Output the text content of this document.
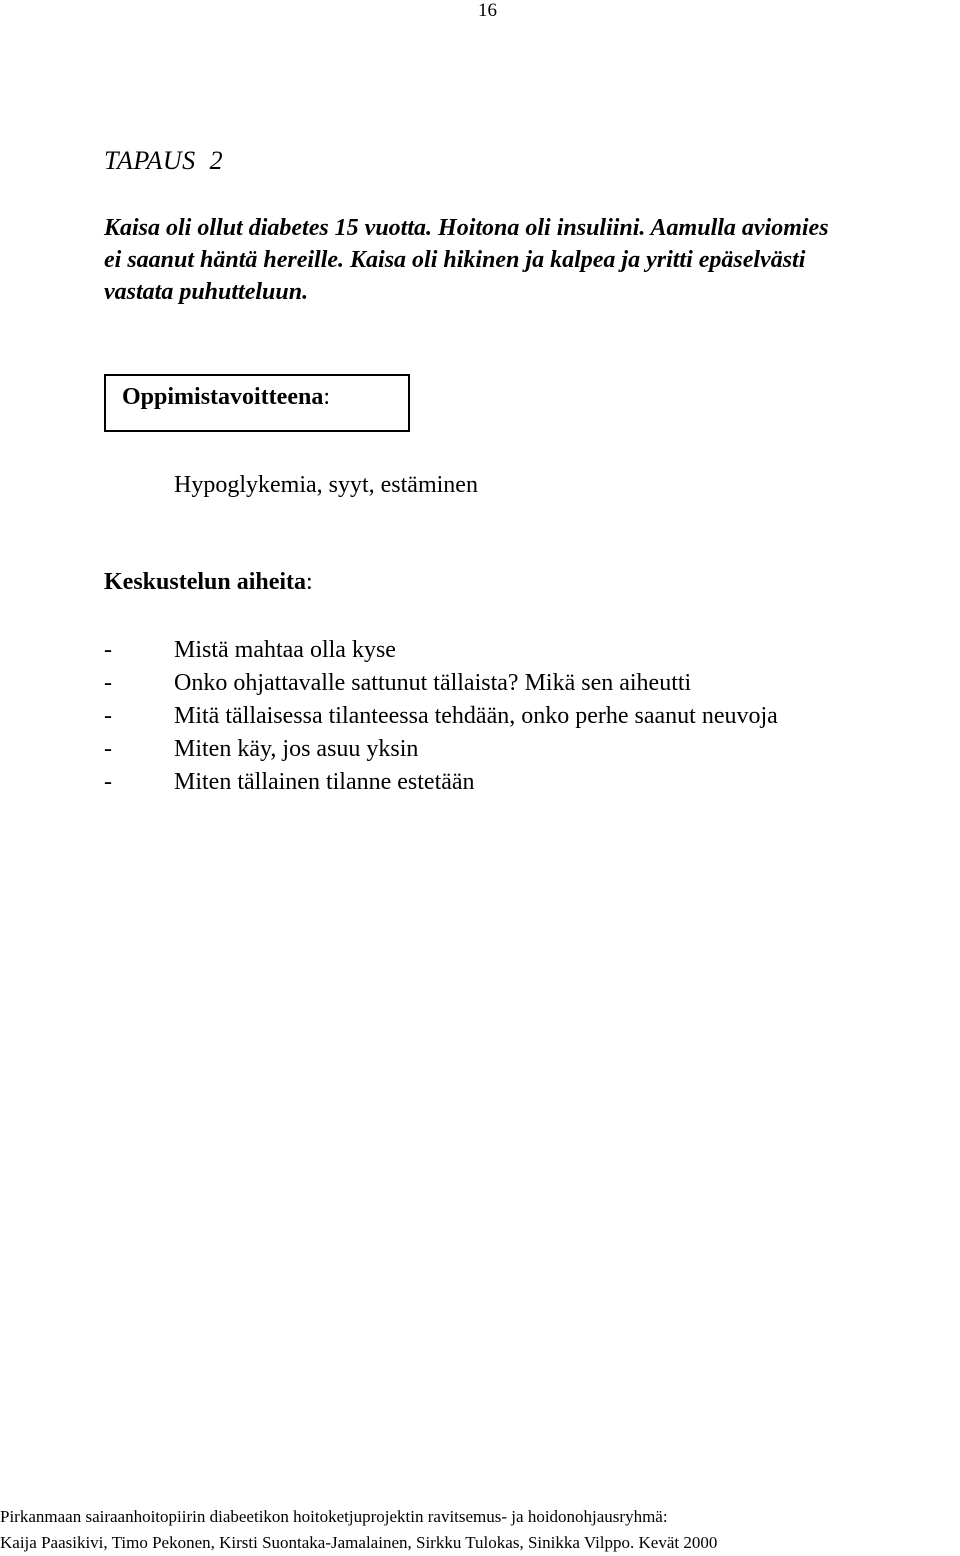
16
TAPAUS 2
Kaisa oli ollut diabetes 15 vuotta. Hoitona oli insuliini. Aamulla aviomies
ei saanut häntä hereille. Kaisa oli hikinen ja kalpea ja yritti epäselvästi
vastata puhutteluun.
Oppimistavoitteena:
Hypoglykemia, syyt, estäminen
Keskustelun aiheita:
-	Mistä mahtaa olla kyse
-	Onko ohjattavalle sattunut tällaista? Mikä sen aiheutti
-	Mitä tällaisessa tilanteessa tehdään, onko perhe saanut neuvoja
-	Miten käy, jos asuu yksin
-	Miten tällainen tilanne estetään
Pirkanmaan sairaanhoitopiirin diabeetikon hoitoketjuprojektin ravitsemus- ja hoidonohjausryhmä:
Kaija Paasikivi, Timo Pekonen, Kirsti Suontaka-Jamalainen, Sirkku Tulokas, Sinikka Vilppo. Kevät 2000
